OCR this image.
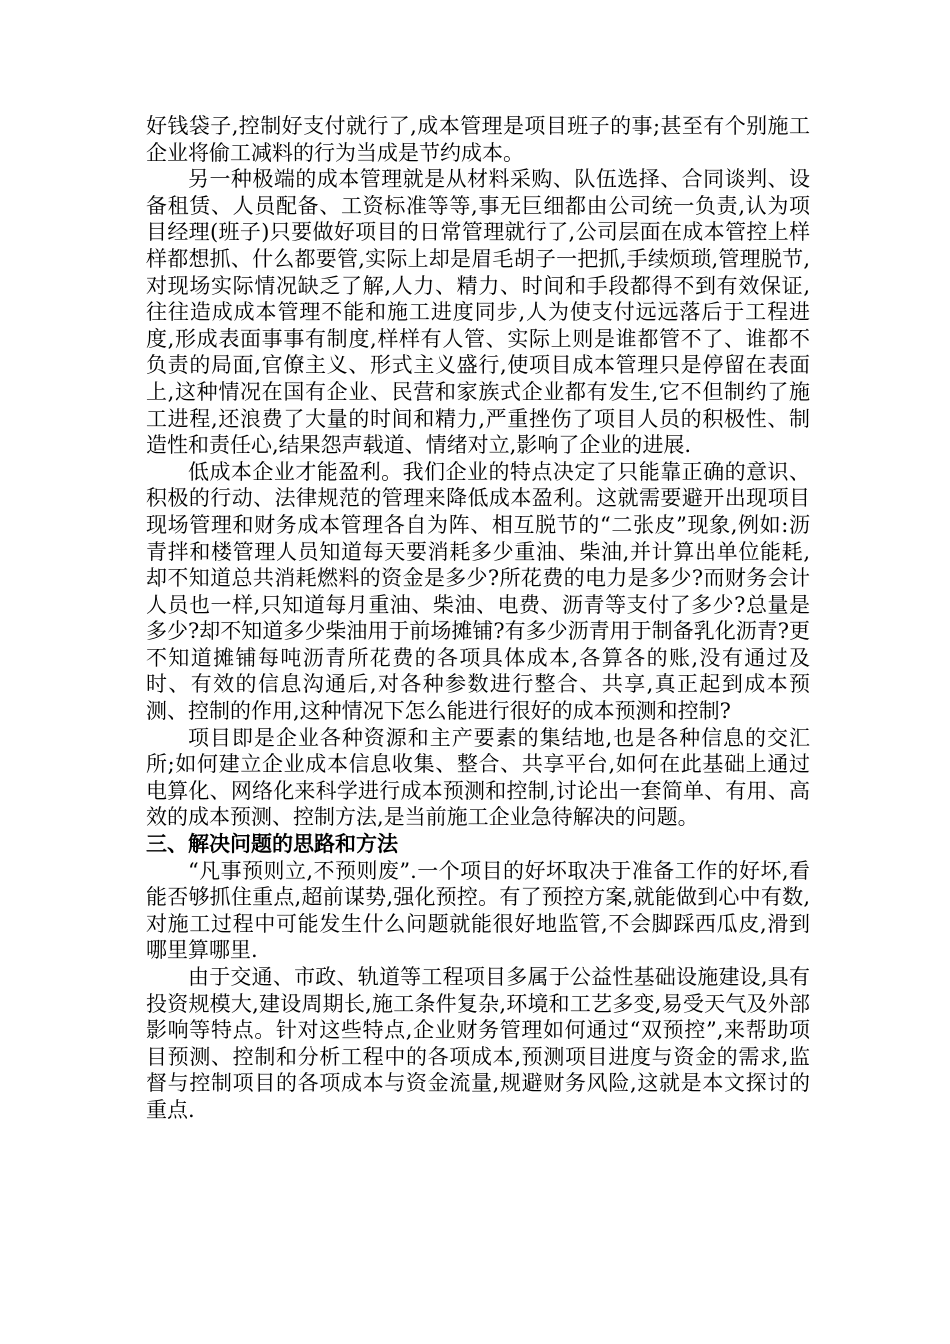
好钱袋子,控制好支付就行了,成本管理是项目班子的事;甚至有个别施工企业将偷工减料的行为当成是节约成本。

另一种极端的成本管理就是从材料采购、队伍选择、合同谈判、设备租赁、人员配备、工资标准等等,事无巨细都由公司统一负责,认为项目经理(班子)只要做好项目的日常管理就行了,公司层面在成本管控上样样都想抓、什么都要管,实际上却是眉毛胡子一把抓,手续烦琐,管理脱节,对现场实际情况缺乏了解,人力、精力、时间和手段都得不到有效保证,往往造成成本管理不能和施工进度同步,人为使支付远远落后于工程进度,形成表面事事有制度,样样有人管、实际上则是谁都管不了、谁都不负责的局面,官僚主义、形式主义盛行,使项目成本管理只是停留在表面上,这种情况在国有企业、民营和家族式企业都有发生,它不但制约了施工进程,还浪费了大量的时间和精力,严重挫伤了项目人员的积极性、制造性和责任心,结果怨声载道、情绪对立,影响了企业的进展.

低成本企业才能盈利。我们企业的特点决定了只能靠正确的意识、积极的行动、法律规范的管理来降低成本盈利。这就需要避开出现项目现场管理和财务成本管理各自为阵、相互脱节的“二张皮”现象,例如:沥青拌和楼管理人员知道每天要消耗多少重油、柴油,并计算出单位能耗,却不知道总共消耗燃料的资金是多少?所花费的电力是多少?而财务会计人员也一样,只知道每月重油、柴油、电费、沥青等支付了多少?总量是多少?却不知道多少柴油用于前场摊铺?有多少沥青用于制备乳化沥青?更不知道摊铺每吨沥青所花费的各项具体成本,各算各的账,没有通过及时、有效的信息沟通后,对各种参数进行整合、共享,真正起到成本预测、控制的作用,这种情况下怎么能进行很好的成本预测和控制?

项目即是企业各种资源和主产要素的集结地,也是各种信息的交汇所;如何建立企业成本信息收集、整合、共享平台,如何在此基础上通过电算化、网络化来科学进行成本预测和控制,讨论出一套简单、有用、高效的成本预测、控制方法,是当前施工企业急待解决的问题。

三、解决问题的思路和方法

“凡事预则立,不预则废”.一个项目的好坏取决于准备工作的好坏,看能否够抓住重点,超前谋势,强化预控。有了预控方案,就能做到心中有数,对施工过程中可能发生什么问题就能很好地监管,不会脚踩西瓜皮,滑到哪里算哪里.

由于交通、市政、轨道等工程项目多属于公益性基础设施建设,具有投资规模大,建设周期长,施工条件复杂,环境和工艺多变,易受天气及外部影响等特点。针对这些特点,企业财务管理如何通过“双预控”,来帮助项目预测、控制和分析工程中的各项成本,预测项目进度与资金的需求,监督与控制项目的各项成本与资金流量,规避财务风险,这就是本文探讨的重点.
